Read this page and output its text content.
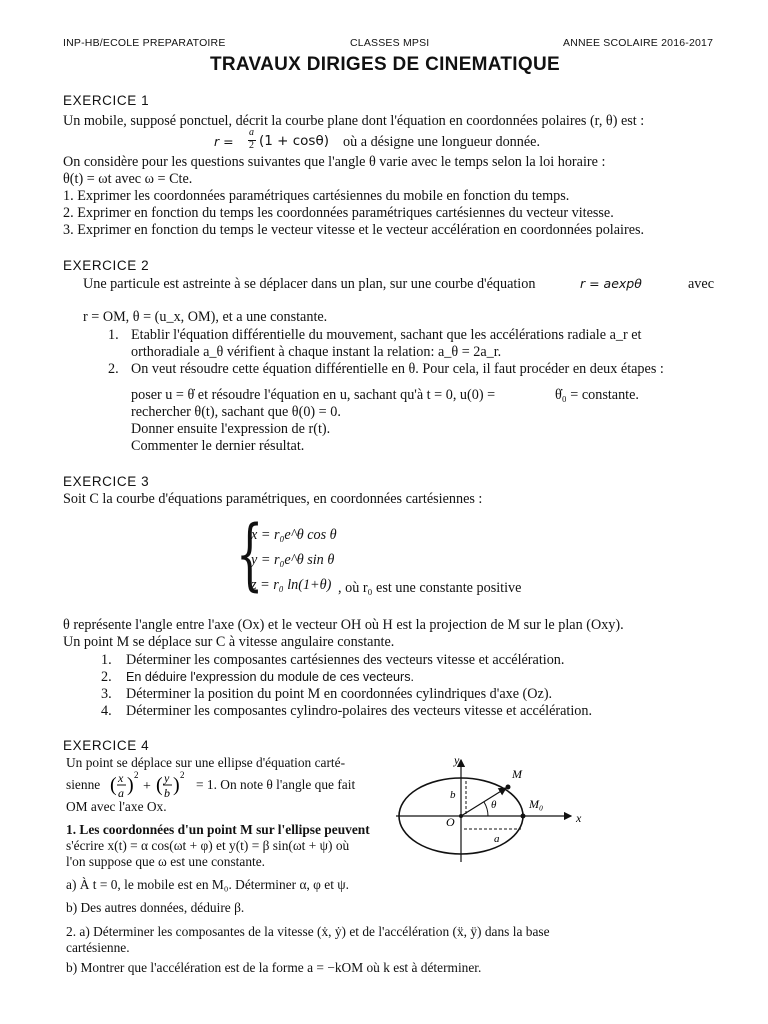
INP-HB/ECOLE PREPARATOIRE	CLASSES MPSI	ANNEE SCOLAIRE 2016-2017
TRAVAUX DIRIGES DE CINEMATIQUE
EXERCICE 1
Un mobile, supposé ponctuel, décrit la courbe plane dont l'équation en coordonnées polaires (r, θ) est :
r =
a
2 (1 + cosθ) où a désigne une longueur donnée.
On considère pour les questions suivantes que l'angle θ varie avec le temps selon la loi horaire :
θ(t) = ωt avec ω = Cte.
1. Exprimer les coordonnées paramétriques cartésiennes du mobile en fonction du temps.
2. Exprimer en fonction du temps les coordonnées paramétriques cartésiennes du vecteur vitesse.
3. Exprimer en fonction du temps le vecteur vitesse et le vecteur accélération en coordonnées polaires.
EXERCICE 2
Une particule est astreinte à se déplacer dans un plan, sur une courbe d'équation	r = aexpθ	avec
r = OM, θ = (u_x, OM), et a une constante.
1. Etablir l'équation différentielle du mouvement, sachant que les accélérations radiale a_r et
orthoradiale a_θ vérifient à chaque instant la relation: a_θ = 2a_r.
2. On veut résoudre cette équation différentielle en θ. Pour cela, il faut procéder en deux étapes :
poser u = θ̇ et résoudre l'équation en u, sachant qu'à t = 0, u(0) =	θ̇₀ = constante.
rechercher θ(t), sachant que θ(0) = 0.
Donner ensuite l'expression de r(t).
Commenter le dernier résultat.
EXERCICE 3
Soit C la courbe d'équations paramétriques, en coordonnées cartésiennes :
{
x = r₀e^θ cos θ
y = r₀e^θ sin θ
z = r₀ ln(1+θ) , où r₀ est une constante positive
θ représente l'angle entre l'axe (Ox) et le vecteur OH où H est la projection de M sur le plan (Oxy).
Un point M se déplace sur C à vitesse angulaire constante.
1. Déterminer les composantes cartésiennes des vecteurs vitesse et accélération.
2. En déduire l'expression du module de ces vecteurs.
3. Déterminer la position du point M en coordonnées cylindriques d'axe (Oz).
4. Déterminer les composantes cylindro-polaires des vecteurs vitesse et accélération.
EXERCICE 4
Un point se déplace sur une ellipse d'équation carté-
sienne ( x
a ) 2
+ ( y
b ) 2
= 1. On note θ l'angle que fait
OM avec l'axe Ox.
1. Les coordonnées d'un point M sur l'ellipse peuvent
s'écrire x(t) = α cos(ωt + φ) et y(t) = β sin(ωt + ψ) où
l'on suppose que ω est une constante.
a) À t = 0, le mobile est en M₀. Déterminer α, φ et ψ.
b) Des autres données, déduire β.
2. a) Déterminer les composantes de la vitesse (ẋ, ẏ) et de l'accélération (ẍ, ÿ) dans la base
cartésienne.
b) Montrer que l'accélération est de la forme a = −kOM où k est à déterminer.
y
x
M
M₀
O
a
b
θ
